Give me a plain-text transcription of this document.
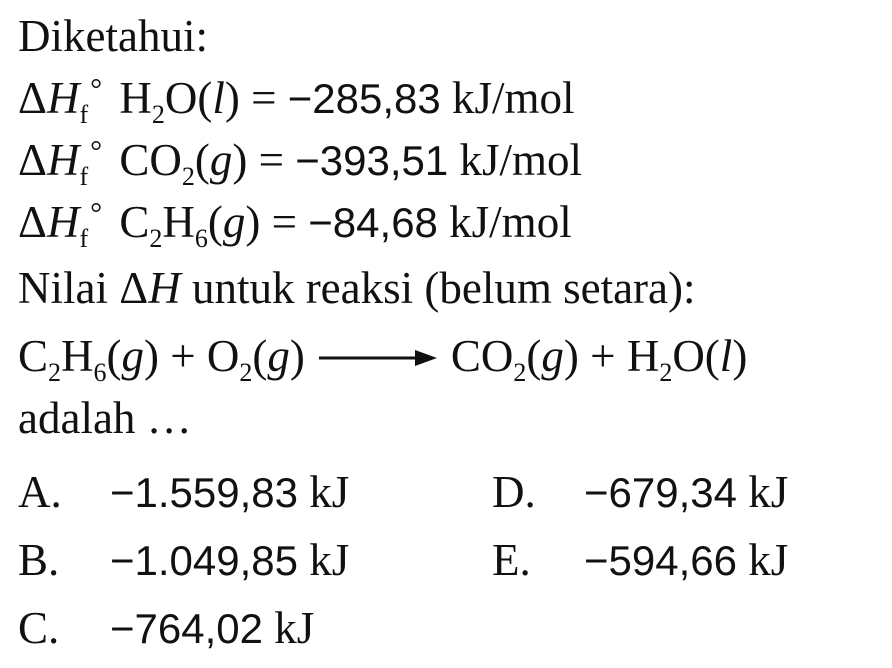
Diketahui:
$\Delta H_f^\circ$ $H_2O(l) = -285,83$ kJ/mol
$\Delta H_f^\circ$ $CO_2(g) = -393,51$ kJ/mol
$\Delta H_f^\circ$ $C_2H_6(g) = -84,68$ kJ/mol
Nilai ΔH untuk reaksi (belum setara):
$C_2H_6(g) + O_2(g) \to CO_2(g) + H_2O(l)$
adalah …
A. −1.559,83 kJ
B. −1.049,85 kJ
C. −764,02 kJ
D. −679,34 kJ
E. −594,66 kJ
